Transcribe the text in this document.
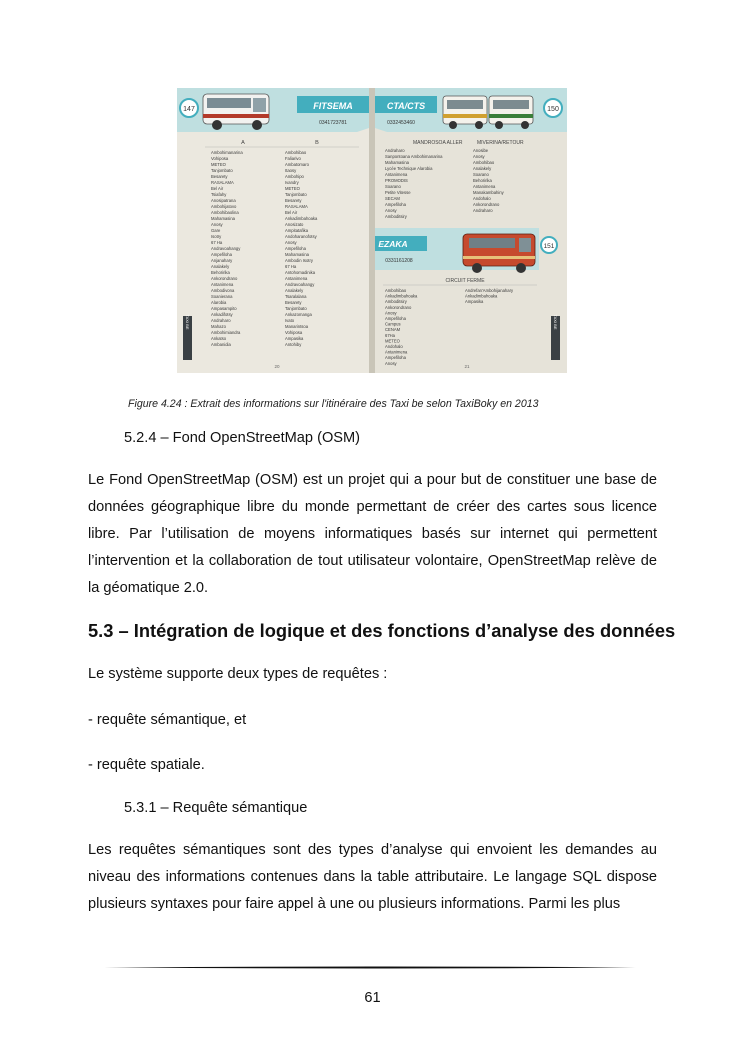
FITSEMA
0341723781
147	CTA/CTS
0332453460
150
A	B
Ambohimanarina
Vohiposa
METEO
Tanjombato
Besarety
RASALAMA
Bel Air
Tsiafahy
Anosipatrana
Ambohijatovo
Ambohibaolina
Mahamasina
Anosy
Gare
Isotry
67 Ha
Andravoahangy
Ampefiloha
Anjanahary
Analakely
Behoririka
Ankorondrano
Antanimena
Ambodivona
Soanierana
Alarobia
Ampasampito
Ankadifotsy
Andraharo
Mahazo
Ambohimiandra
Ankatso
Ambanidia
Ambohibao
Faliarivo
Ambatomaro
Itaosy
Ambohipo
Ivandry
METEO
Tanjombato
Besarety
RASALAMA
Bel Air
Ankadimbahoaka
Anosizato
Ampitatafika
Andoharanofotsy
Anosy
Ampefiloha
Mahamasina
Ambodin Isotry
67 Ha
Antohomadinika
Antanimena
Andravoahangy
Analakely
Tsaralalana
Besarety
Tanjombato
Ankazomanga
Ivato
Manarintsoa
Vohiposa
Ampasika
Antohiby
MANDROSOA ALLER	MIVERINA/RETOUR
Andraharo
Sanpontoana Ambohimanarina
Mahamasina
Lycée Technique Alarobia
Antanimena
PROMODIS
Soarano
Petite Vitesse
SECAM
Ampefiloha
Anosy
Amboditsiry
Anosibe
Anosy
Ambohibao
Analakely
Soarano
Behoririka
Antanimena
Manakambahiny
Andohalo
Ankorondrano
Andraharo
EZAKA
0331161208
151
CIRCUIT FERME
Ambohibao
Ankadimbahoaka
Amboditsiry
Ankorondrano
Anosy
Ampefiloha
Campus
CENAM
67Ha
METEO
Andohalo
Antanimena
Ampefiloha
Anosy
Andrefan'Ambohijanahary
Ankadimbahoaka
Ampasika
TAXI BE	TAXI BE
20	21
Figure 4.24 : Extrait des informations sur l'itinéraire des Taxi be selon TaxiBoky en 2013
5.2.4 – Fond OpenStreetMap (OSM)
Le Fond OpenStreetMap (OSM) est un projet qui a pour but de constituer une base de données géographique libre du monde permettant de créer des cartes sous licence libre. Par l’utilisation de moyens informatiques basés sur internet qui permettent l’intervention et la collaboration de tout utilisateur volontaire, OpenStreetMap relève de la géomatique 2.0.
5.3 – Intégration de logique et des fonctions d’analyse des données
Le système supporte deux types de requêtes :
- requête sémantique, et
- requête spatiale.
5.3.1 – Requête sémantique
Les requêtes sémantiques sont des types d’analyse qui envoient les demandes au niveau des informations contenues dans la table attributaire. Le langage SQL dispose plusieurs syntaxes pour faire appel à une ou plusieurs informations. Parmi les plus
61
